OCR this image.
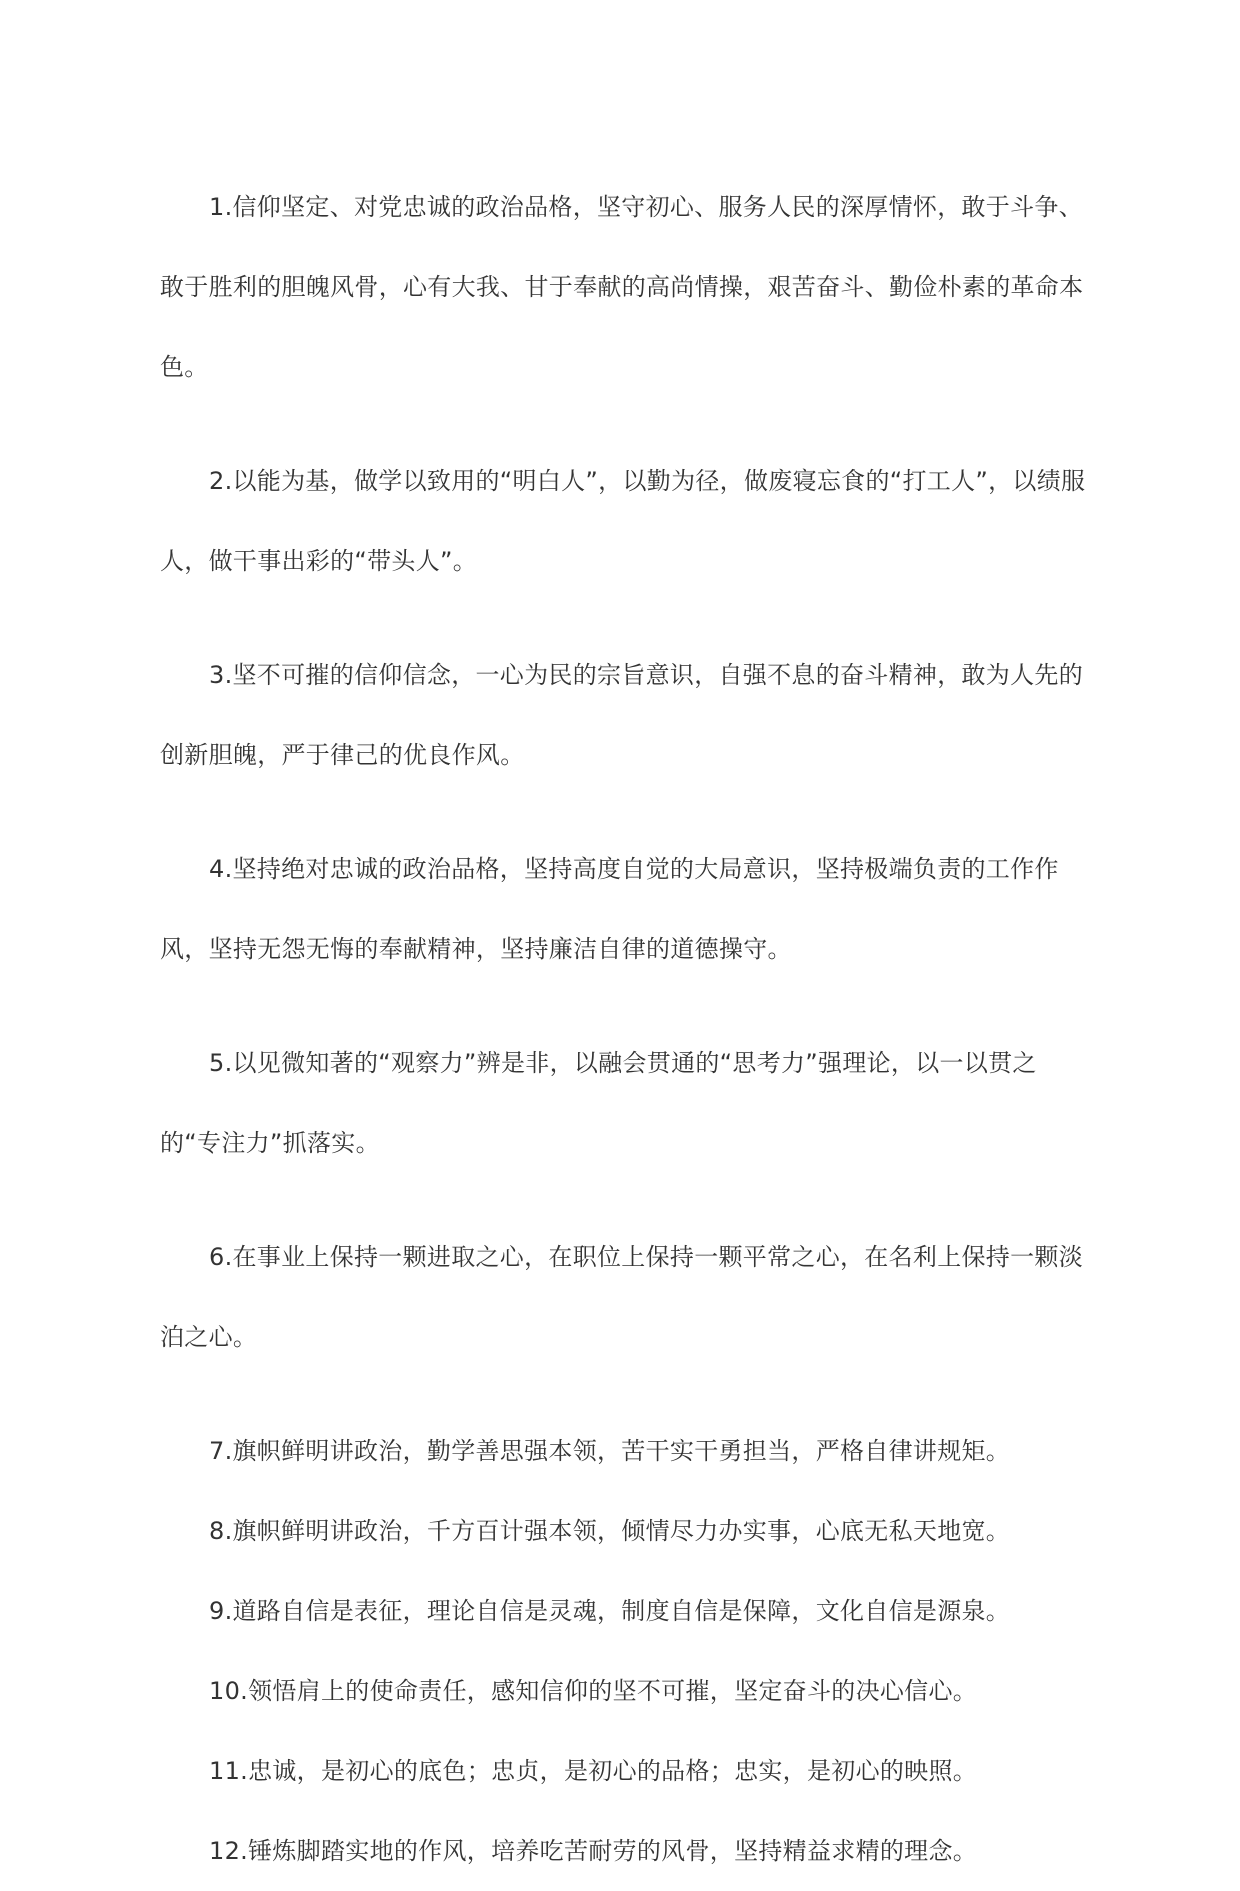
1.信仰坚定、对党忠诚的政治品格，坚守初心、服务人民的深厚情怀，敢于斗争、敢于胜利的胆魄风骨，心有大我、甘于奉献的高尚情操，艰苦奋斗、勤俭朴素的革命本色。

2.以能为基，做学以致用的“明白人”，以勤为径，做废寝忘食的“打工人”，以绩服人，做干事出彩的“带头人”。

3.坚不可摧的信仰信念，一心为民的宗旨意识，自强不息的奋斗精神，敢为人先的创新胆魄，严于律己的优良作风。

4.坚持绝对忠诚的政治品格，坚持高度自觉的大局意识，坚持极端负责的工作作风，坚持无怨无悔的奉献精神，坚持廉洁自律的道德操守。

5.以见微知著的“观察力”辨是非，以融会贯通的“思考力”强理论，以一以贯之的“专注力”抓落实。

6.在事业上保持一颗进取之心，在职位上保持一颗平常之心，在名利上保持一颗淡泊之心。

7.旗帜鲜明讲政治，勤学善思强本领，苦干实干勇担当，严格自律讲规矩。

8.旗帜鲜明讲政治，千方百计强本领，倾情尽力办实事，心底无私天地宽。

9.道路自信是表征，理论自信是灵魂，制度自信是保障，文化自信是源泉。

10.领悟肩上的使命责任，感知信仰的坚不可摧，坚定奋斗的决心信心。

11.忠诚，是初心的底色；忠贞，是初心的品格；忠实，是初心的映照。

12.锤炼脚踏实地的作风，培养吃苦耐劳的风骨，坚持精益求精的理念。
